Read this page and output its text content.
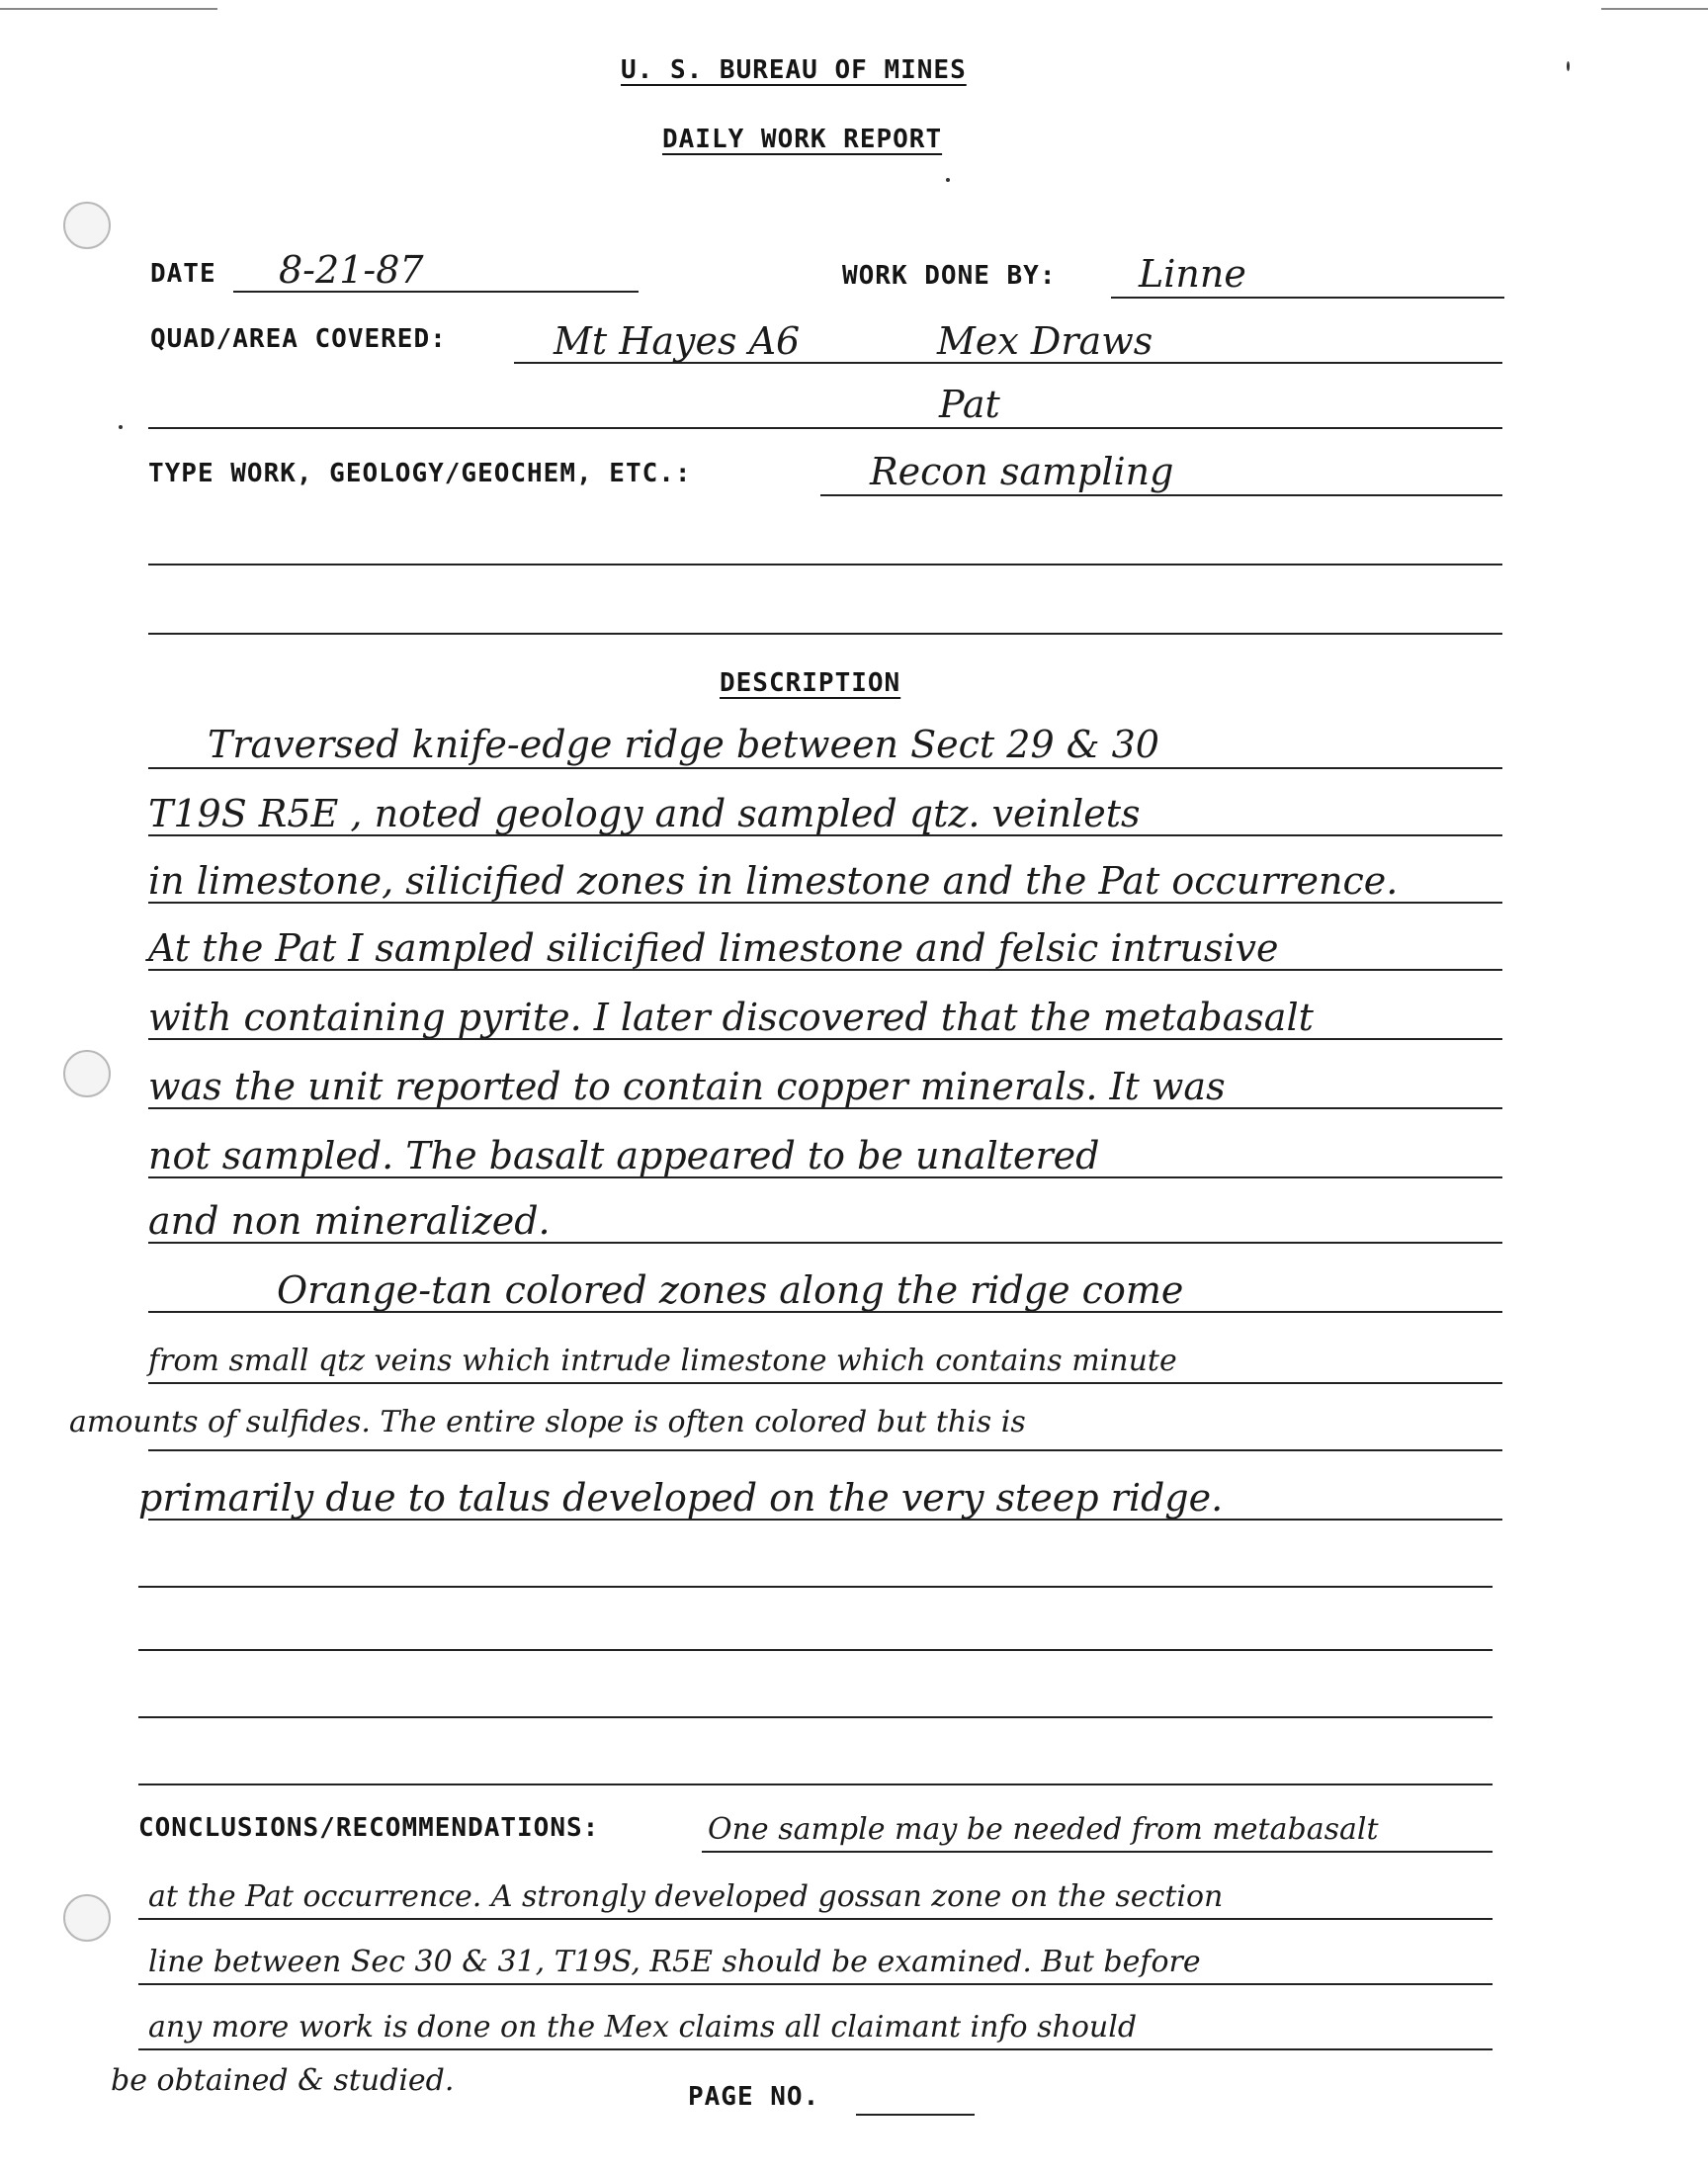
U. S. BUREAU OF MINES
DAILY WORK REPORT
DATE 8-21-87	WORK DONE BY: Linne
QUAD/AREA COVERED:	Mt Hayes A6	Mex Draws
Pat
TYPE WORK, GEOLOGY/GEOCHEM, ETC.:	Recon sampling
DESCRIPTION
Traversed knife-edge ridge between Sect 29 & 30
T19S R5E , noted geology and sampled qtz. veinlets
in limestone, silicified zones in limestone and the Pat occurrence.
At the Pat I sampled silicified limestone and felsic intrusive
with containing pyrite. I later discovered that the metabasalt
was the unit reported to contain copper minerals. It was
not sampled. The basalt appeared to be unaltered
and non mineralized.
Orange-tan colored zones along the ridge come
from small qtz veins which intrude limestone which contains minute
amounts of sulfides. The entire slope is often colored but this is
primarily due to talus developed on the very steep ridge.
CONCLUSIONS/RECOMMENDATIONS:	One sample may be needed from metabasalt
at the Pat occurrence. A strongly developed gossan zone on the section
line between Sec 30 & 31, T19S, R5E should be examined. But before
any more work is done on the Mex claims all claimant info should
be obtained & studied.	PAGE NO.
